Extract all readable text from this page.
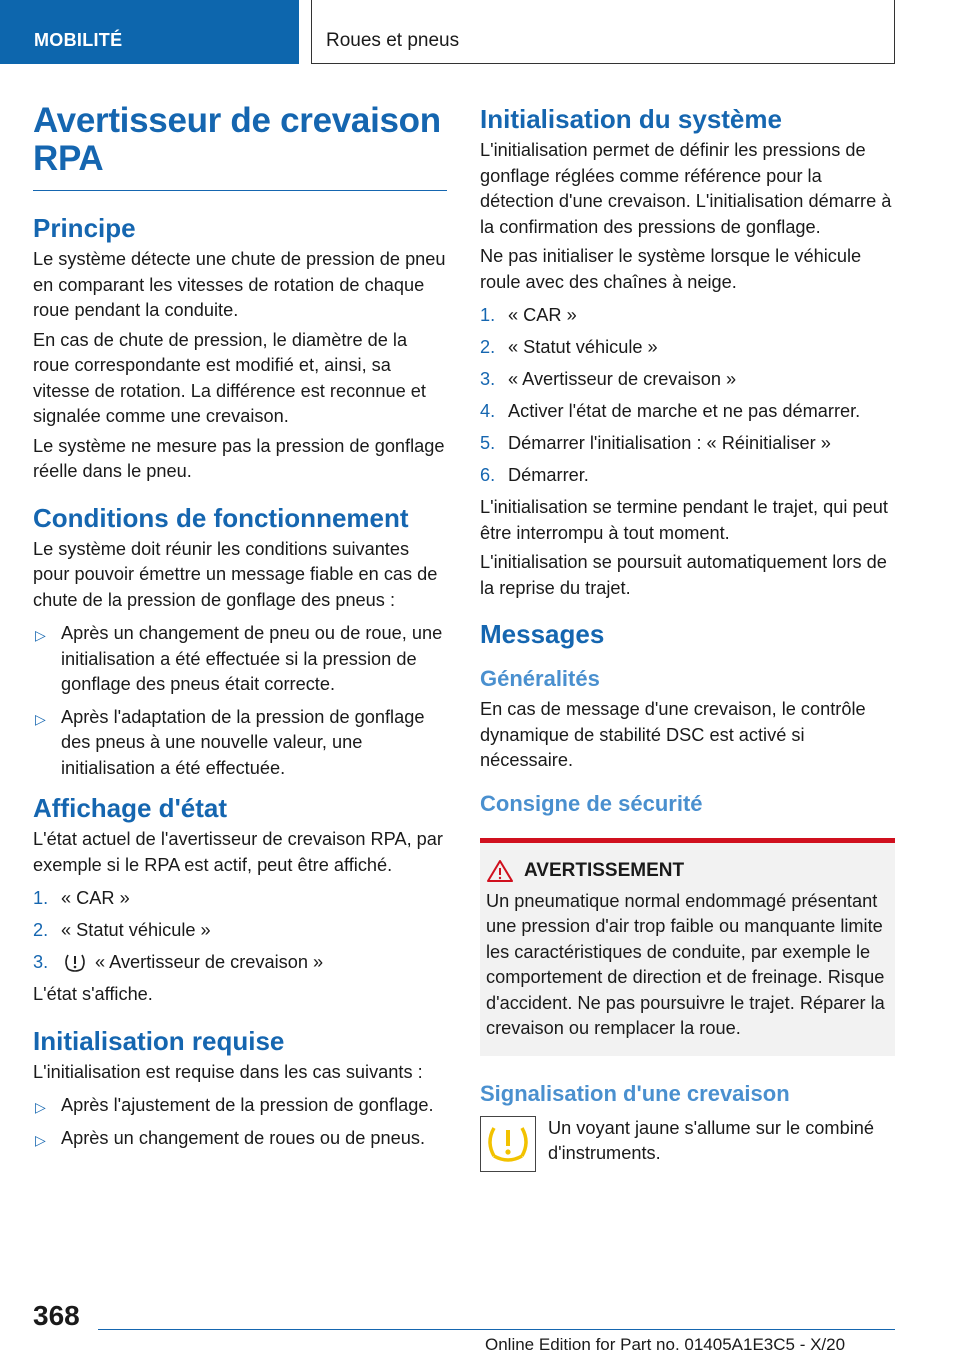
MOBILITÉ	Roues et pneus
Avertisseur de crevaison RPA
Principe

Le système détecte une chute de pression de pneu en comparant les vitesses de rotation de chaque roue pendant la conduite.

En cas de chute de pression, le diamètre de la roue correspondante est modifié et, ainsi, sa vitesse de rotation. La différence est reconnue et signalée comme une crevaison.

Le système ne mesure pas la pression de gonflage réelle dans le pneu.

Conditions de fonctionnement

Le système doit réunir les conditions suivantes pour pouvoir émettre un message fiable en cas de chute de la pression de gonflage des pneus :

▷ Après un changement de pneu ou de roue, une initialisation a été effectuée si la pression de gonflage des pneus était correcte.
▷ Après l'adaptation de la pression de gonflage des pneus à une nouvelle valeur, une initialisation a été effectuée.
Affichage d'état

L'état actuel de l'avertisseur de crevaison RPA, par exemple si le RPA est actif, peut être affiché.

1. « CAR »
2. « Statut véhicule »
3.	« Avertisseur de crevaison »

L'état s'affiche.

Initialisation requise

L'initialisation est requise dans les cas suivants :

▷ Après l'ajustement de la pression de gonflage.
▷ Après un changement de roues ou de pneus.
Initialisation du système

L'initialisation permet de définir les pressions de gonflage réglées comme référence pour la détection d'une crevaison. L'initialisation démarre à la confirmation des pressions de gonflage.

Ne pas initialiser le système lorsque le véhicule roule avec des chaînes à neige.

1. « CAR »
2. « Statut véhicule »
3. « Avertisseur de crevaison »
4. Activer l'état de marche et ne pas démarrer.
5. Démarrer l'initialisation : « Réinitialiser »
6. Démarrer.

L'initialisation se termine pendant le trajet, qui peut être interrompu à tout moment.

L'initialisation se poursuit automatiquement lors de la reprise du trajet.

Messages
Généralités

En cas de message d'une crevaison, le contrôle dynamique de stabilité DSC est activé si nécessaire.

Consigne de sécurité
AVERTISSEMENT

Un pneumatique normal endommagé présentant une pression d'air trop faible ou manquante limite les caractéristiques de conduite, par exemple le comportement de direction et de freinage. Risque d'accident. Ne pas poursuivre le trajet. Réparer la crevaison ou remplacer la roue.

Signalisation d'une crevaison

Un voyant jaune s'allume sur le combiné d'instruments.

368
Online Edition for Part no. 01405A1E3C5 - X/20
